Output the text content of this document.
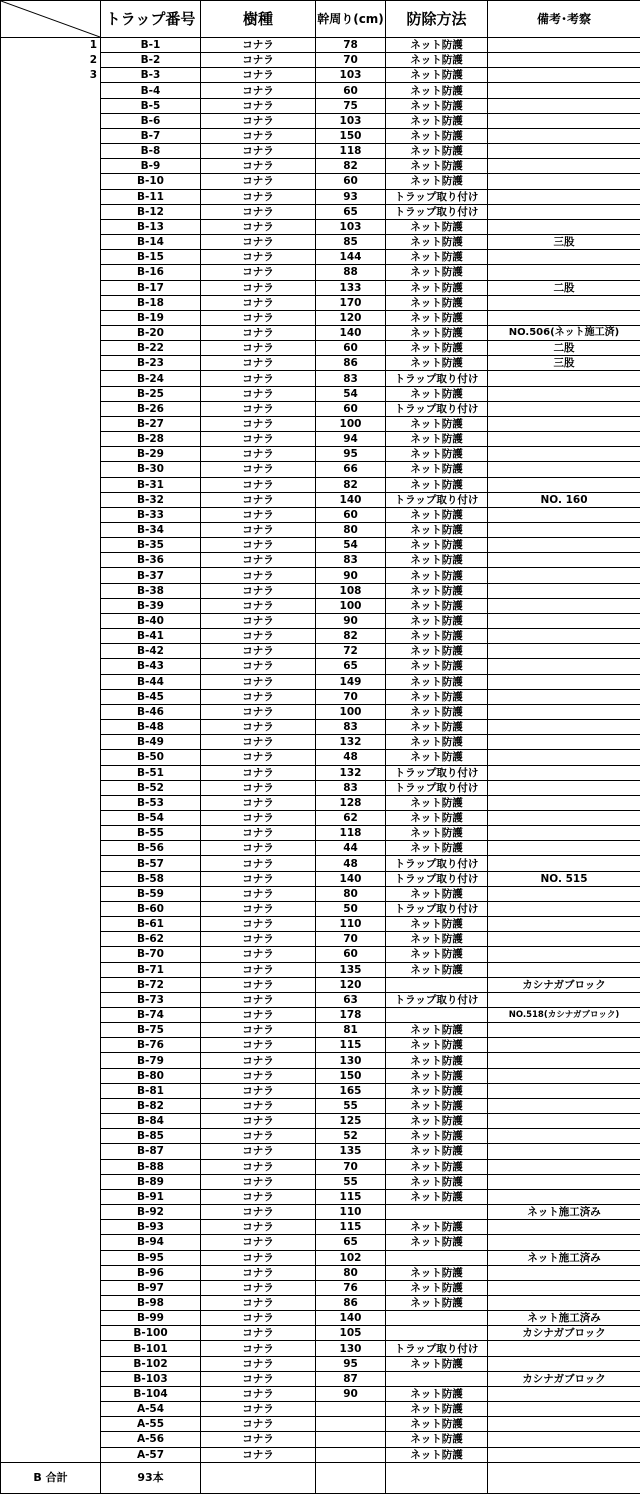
	トラップ番号	樹種	幹周り(cm)	防除方法	備考･考察
1	B-1	コナラ	78	ネット防護	
2	B-2	コナラ	70	ネット防護	
3	B-3	コナラ	103	ネット防護	
	B-4	コナラ	60	ネット防護	
	B-5	コナラ	75	ネット防護	
	B-6	コナラ	103	ネット防護	
	B-7	コナラ	150	ネット防護	
	B-8	コナラ	118	ネット防護	
	B-9	コナラ	82	ネット防護	
	B-10	コナラ	60	ネット防護	
	B-11	コナラ	93	トラップ取り付け	
	B-12	コナラ	65	トラップ取り付け	
	B-13	コナラ	103	ネット防護	
	B-14	コナラ	85	ネット防護	三股
	B-15	コナラ	144	ネット防護	
	B-16	コナラ	88	ネット防護	
	B-17	コナラ	133	ネット防護	二股
	B-18	コナラ	170	ネット防護	
	B-19	コナラ	120	ネット防護	
	B-20	コナラ	140	ネット防護	NO.506(ネット施工済)
	B-22	コナラ	60	ネット防護	二股
	B-23	コナラ	86	ネット防護	三股
	B-24	コナラ	83	トラップ取り付け	
	B-25	コナラ	54	ネット防護	
	B-26	コナラ	60	トラップ取り付け	
	B-27	コナラ	100	ネット防護	
	B-28	コナラ	94	ネット防護	
	B-29	コナラ	95	ネット防護	
	B-30	コナラ	66	ネット防護	
	B-31	コナラ	82	ネット防護	
	B-32	コナラ	140	トラップ取り付け	NO. 160
	B-33	コナラ	60	ネット防護	
	B-34	コナラ	80	ネット防護	
	B-35	コナラ	54	ネット防護	
	B-36	コナラ	83	ネット防護	
	B-37	コナラ	90	ネット防護	
	B-38	コナラ	108	ネット防護	
	B-39	コナラ	100	ネット防護	
	B-40	コナラ	90	ネット防護	
	B-41	コナラ	82	ネット防護	
	B-42	コナラ	72	ネット防護	
	B-43	コナラ	65	ネット防護	
	B-44	コナラ	149	ネット防護	
	B-45	コナラ	70	ネット防護	
	B-46	コナラ	100	ネット防護	
	B-48	コナラ	83	ネット防護	
	B-49	コナラ	132	ネット防護	
	B-50	コナラ	48	ネット防護	
	B-51	コナラ	132	トラップ取り付け	
	B-52	コナラ	83	トラップ取り付け	
	B-53	コナラ	128	ネット防護	
	B-54	コナラ	62	ネット防護	
	B-55	コナラ	118	ネット防護	
	B-56	コナラ	44	ネット防護	
	B-57	コナラ	48	トラップ取り付け	
	B-58	コナラ	140	トラップ取り付け	NO. 515
	B-59	コナラ	80	ネット防護	
	B-60	コナラ	50	トラップ取り付け	
	B-61	コナラ	110	ネット防護	
	B-62	コナラ	70	ネット防護	
	B-70	コナラ	60	ネット防護	
	B-71	コナラ	135	ネット防護	
	B-72	コナラ	120		カシナガブロック
	B-73	コナラ	63	トラップ取り付け	
	B-74	コナラ	178		NO.518(カシナガブロック)
	B-75	コナラ	81	ネット防護	
	B-76	コナラ	115	ネット防護	
	B-79	コナラ	130	ネット防護	
	B-80	コナラ	150	ネット防護	
	B-81	コナラ	165	ネット防護	
	B-82	コナラ	55	ネット防護	
	B-84	コナラ	125	ネット防護	
	B-85	コナラ	52	ネット防護	
	B-87	コナラ	135	ネット防護	
	B-88	コナラ	70	ネット防護	
	B-89	コナラ	55	ネット防護	
	B-91	コナラ	115	ネット防護	
	B-92	コナラ	110		ネット施工済み
	B-93	コナラ	115	ネット防護	
	B-94	コナラ	65	ネット防護	
	B-95	コナラ	102		ネット施工済み
	B-96	コナラ	80	ネット防護	
	B-97	コナラ	76	ネット防護	
	B-98	コナラ	86	ネット防護	
	B-99	コナラ	140		ネット施工済み
	B-100	コナラ	105		カシナガブロック
	B-101	コナラ	130	トラップ取り付け	
	B-102	コナラ	95	ネット防護	
	B-103	コナラ	87		カシナガブロック
	B-104	コナラ	90	ネット防護	
	A-54	コナラ		ネット防護	
	A-55	コナラ		ネット防護	
	A-56	コナラ		ネット防護	
	A-57	コナラ		ネット防護	
B 合計	93本				
